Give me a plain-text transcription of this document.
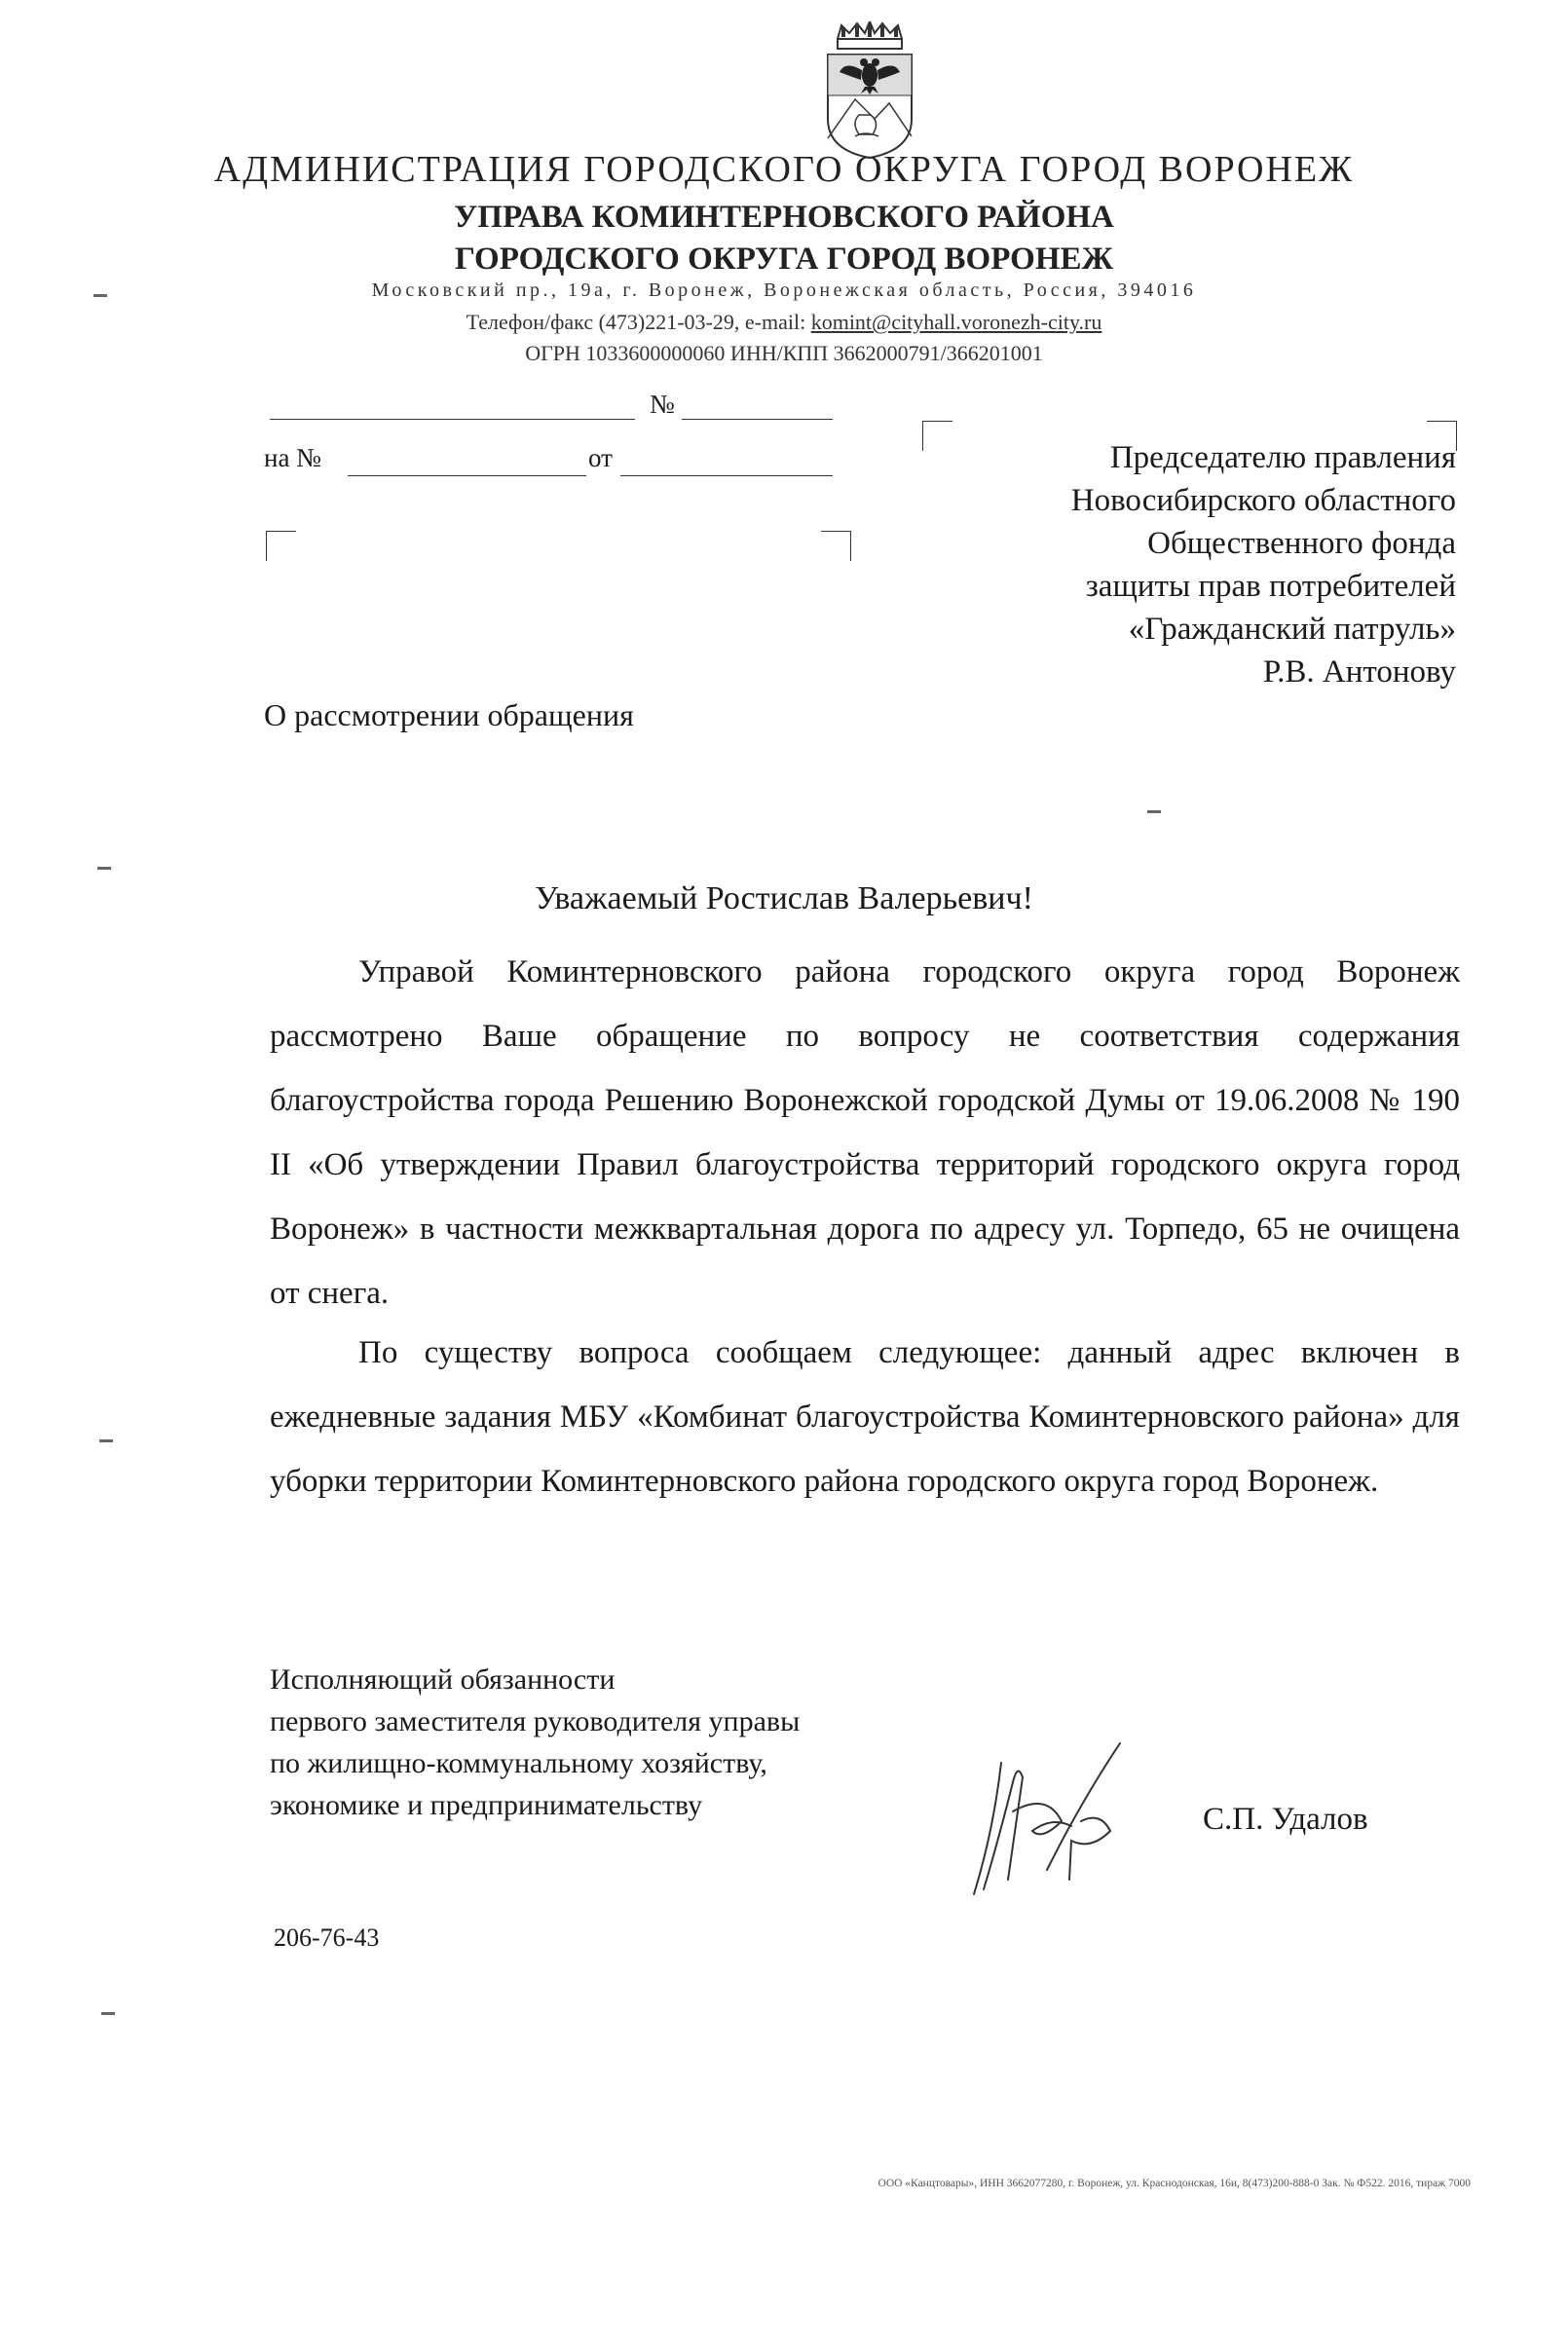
АДМИНИСТРАЦИЯ ГОРОДСКОГО ОКРУГА ГОРОД ВОРОНЕЖ
УПРАВА КОМИНТЕРНОВСКОГО РАЙОНА
ГОРОДСКОГО ОКРУГА ГОРОД ВОРОНЕЖ
Московский пр., 19а, г. Воронеж, Воронежская область, Россия, 394016
Телефон/факс (473)221-03-29, e-mail: komint@cityhall.voronezh-city.ru
ОГРН 1033600000060 ИНН/КПП 3662000791/366201001
№
на №	от	Председателю правления
Новосибирского областного
Общественного фонда
защиты прав потребителей
«Гражданский патруль»
Р.В. Антонову
О рассмотрении обращения
Уважаемый Ростислав Валерьевич!
Управой Коминтерновского района городского округа город Воронеж рассмотрено Ваше обращение по вопросу не соответствия содержания благоустройства города Решению Воронежской городской Думы от 19.06.2008 № 190 II «Об утверждении Правил благоустройства территорий городского округа город Воронеж» в частности межквартальная дорога по адресу ул. Торпедо, 65 не очищена от снега.
По существу вопроса сообщаем следующее: данный адрес включен в ежедневные задания МБУ «Комбинат благоустройства Коминтерновского района» для уборки территории Коминтерновского района городского округа город Воронеж.
Исполняющий обязанности
первого заместителя руководителя управы
по жилищно-коммунальному хозяйству,
экономике и предпринимательству	С.П. Удалов
206-76-43
ООО «Канцтовары», ИНН 3662077280, г. Воронеж, ул. Краснодонская, 16и, 8(473)200-888-0 Зак. № Ф522. 2016, тираж 7000
